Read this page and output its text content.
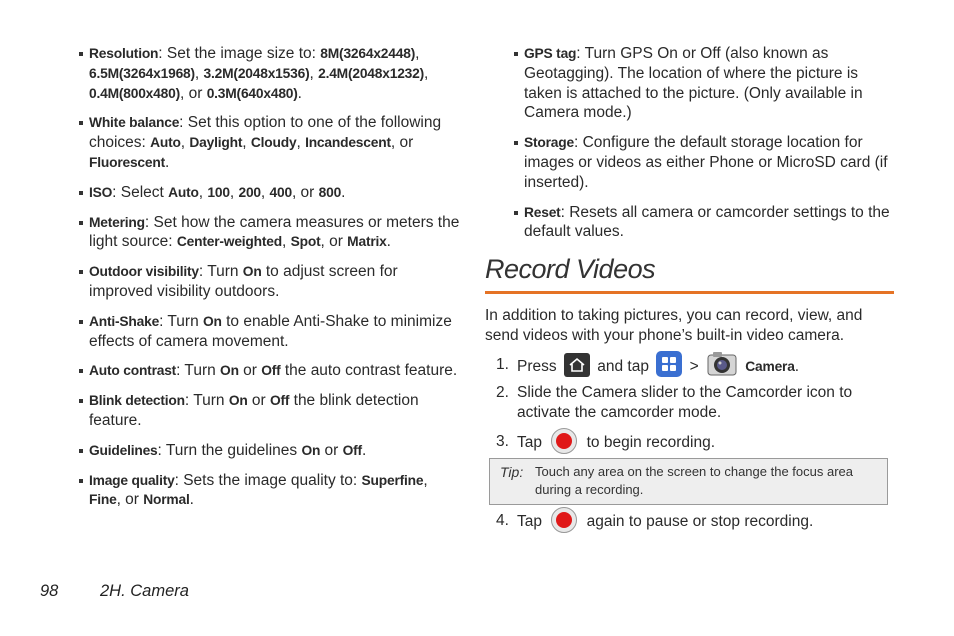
Resolution: Set the image size to: 8M(3264x2448), 6.5M(3264x1968), 3.2M(2048x1536), 2.4M(2048x1232), 0.4M(800x480), or 0.3M(640x480).
White balance: Set this option to one of the following choices: Auto, Daylight, Cloudy, Incandescent, or Fluorescent.
ISO: Select Auto, 100, 200, 400, or 800.
Metering: Set how the camera measures or meters the light source: Center-weighted, Spot, or Matrix.
Outdoor visibility: Turn On to adjust screen for improved visibility outdoors.
Anti-Shake: Turn On to enable Anti-Shake to minimize effects of camera movement.
Auto contrast: Turn On or Off the auto contrast feature.
Blink detection: Turn On or Off the blink detection feature.
Guidelines: Turn the guidelines On or Off.
Image quality: Sets the image quality to: Superfine, Fine, or Normal.
GPS tag: Turn GPS On or Off (also known as Geotagging). The location of where the picture is taken is attached to the picture. (Only available in Camera mode.)
Storage: Configure the default storage location for images or videos as either Phone or MicroSD card (if inserted).
Reset: Resets all camera or camcorder settings to the default values.
Record Videos
In addition to taking pictures, you can record, view, and send videos with your phone’s built-in video camera.
1. Press	and tap	>	Camera.
2. Slide the Camera slider to the Camcorder icon to activate the camcorder mode.
3. Tap	to begin recording.
Tip: Touch any area on the screen to change the focus area during a recording.
4. Tap	again to pause or stop recording.
98	2H. Camera
